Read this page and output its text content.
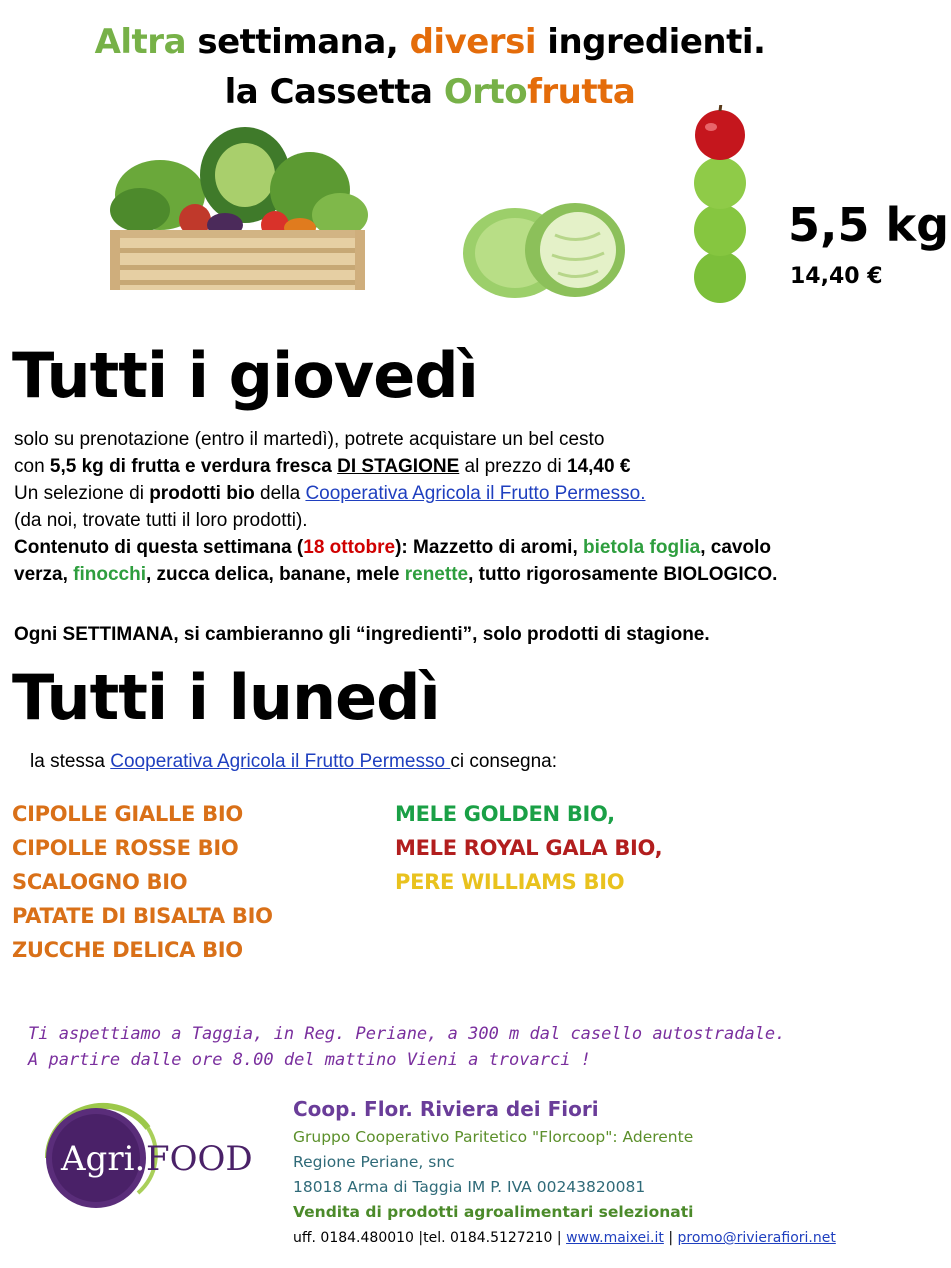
Altra settimana, diversi ingredienti.
la Cassetta Ortofrutta
5,5 kg
14,40 €
Tutti i giovedì
solo su prenotazione (entro il martedì), potrete acquistare un bel cesto
con 5,5 kg di frutta e verdura fresca DI STAGIONE al prezzo di 14,40 €
Un selezione di prodotti bio della Cooperativa Agricola il Frutto Permesso.
(da noi, trovate tutti il loro prodotti).
Contenuto di questa settimana (18 ottobre): Mazzetto di aromi, bietola foglia, cavolo
verza, finocchi, zucca delica, banane, mele renette, tutto rigorosamente BIOLOGICO.
Ogni SETTIMANA, si cambieranno gli “ingredienti”, solo prodotti di stagione.
Tutti i lunedì
la stessa Cooperativa Agricola il Frutto Permesso ci consegna:
CIPOLLE GIALLE BIO
CIPOLLE ROSSE BIO
SCALOGNO BIO
PATATE DI BISALTA BIO
ZUCCHE DELICA BIO
MELE GOLDEN BIO,
MELE ROYAL GALA BIO,
PERE WILLIAMS BIO
Ti aspettiamo a Taggia, in Reg. Periane, a 300 m dal casello autostradale.
A partire dalle ore 8.00 del mattino Vieni a trovarci !
Agri. FOOD
Coop. Flor. Riviera dei Fiori
Gruppo Cooperativo Paritetico "Florcoop": Aderente
Regione Periane, snc
18018 Arma di Taggia IM P. IVA 00243820081
Vendita di prodotti agroalimentari selezionati
uff. 0184.480010 |tel. 0184.5127210 | www.maixei.it | promo@rivierafiori.net
